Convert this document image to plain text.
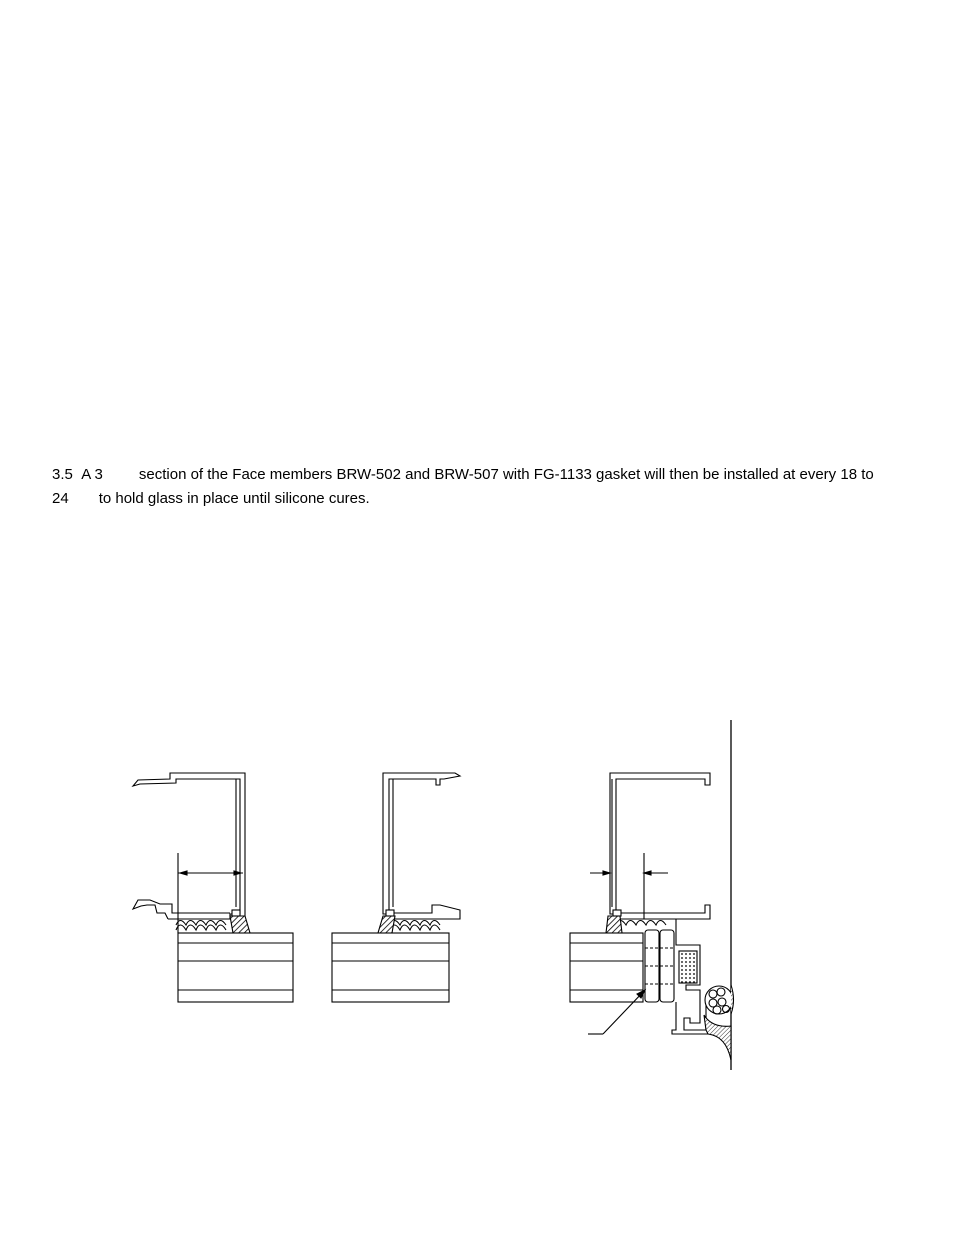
3.5 A 3 section of the Face members BRW-502 and BRW-507 with FG-1133 gasket will then be installed at every 18 to
24 to hold glass in place until silicone cures.
